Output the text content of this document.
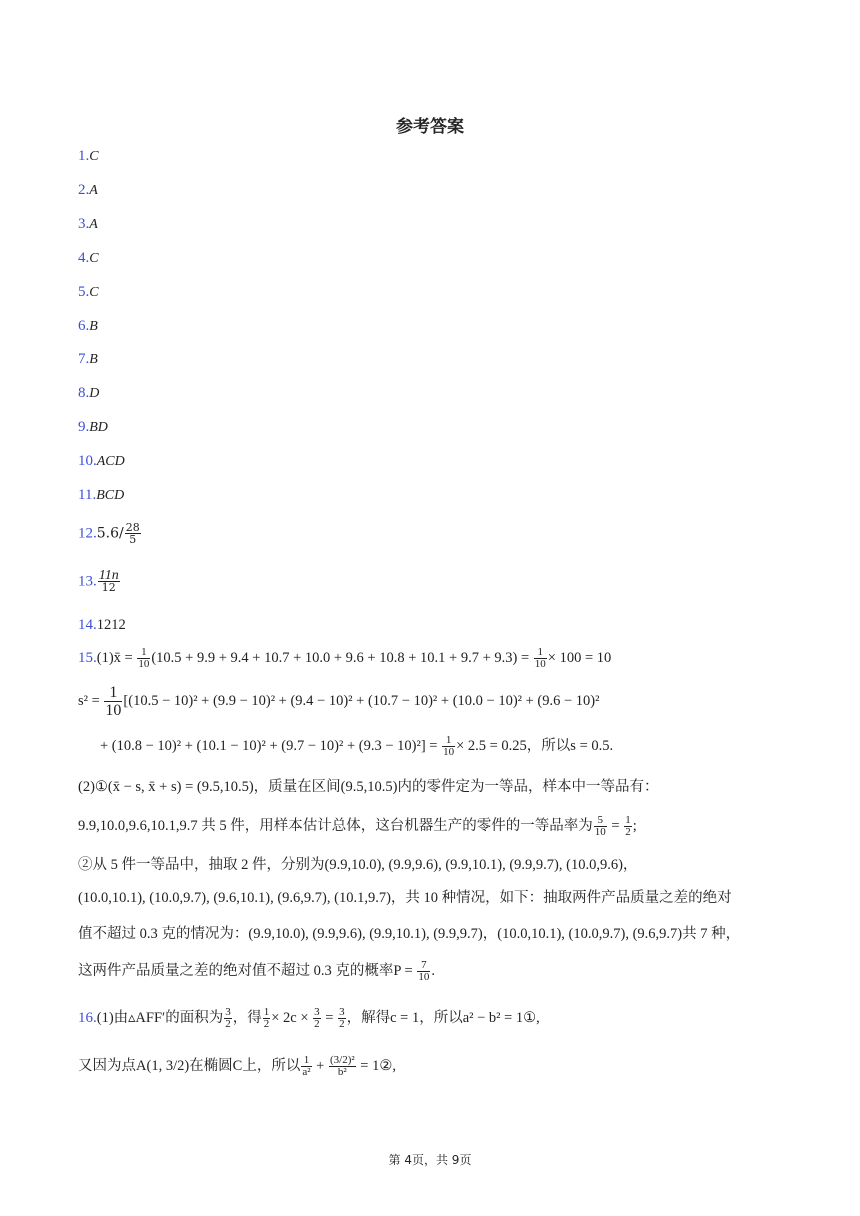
参考答案
1.C
2.A
3.A
4.C
5.C
6.B
7.B
8.D
9.BD
10.ACD
11.BCD
$12.5.6/ \frac{28}{5}$
13. $\frac{11n}{12}$
14.1212
15.(1)x̄ = $\frac{1}{10} (10.5 + 9.9 + 9.4 + 10.7 + 10.0 + 9.6 + 10.8 + 10.1 + 9.7 + 9.3) = \frac{1}{10} \times 100 = 10$
$s^2 = \frac{1}{10} [(10.5 - 10)^2 + (9.9 - 10)^2 + (9.4 - 10)^2 + (10.7 - 10)^2 + (10.0 - 10)^2 + (9.6 - 10)^2$
+ $(10.8 - 10)^2 + (10.1 - 10)^2 + (9.7 - 10)^2 + (9.3 - 10)^2] = \frac{1}{10} \times 2.5 = 0.25$，所以s = 0.5.
(2)①(x̄ − s, x̄ + s) = (9.5,10.5)，质量在区间(9.5,10.5)内的零件定为一等品，样本中一等品有：
9.9,10.0,9.6,10.1,9.7 共 5 件，用样本估计总体，这台机器生产的零件的一等品率为 $\frac{5}{10} = \frac{1}{2}$ ;
②从 5 件一等品中，抽取 2 件，分别为(9.9,10.0), (9.9,9.6), (9.9,10.1), (9.9,9.7), (10.0,9.6)，
(10.0,10.1), (10.0,9.7), (9.6,10.1), (9.6,9.7), (10.1,9.7)，共 10 种情况，如下：抽取两件产品质量之差的绝对
值不超过 0.3 克的情况为：(9.9,10.0), (9.9,9.6), (9.9,10.1), (9.9,9.7)，(10.0,10.1), (10.0,9.7), (9.6,9.7)共 7 种，
这两件产品质量之差的绝对值不超过 0.3 克的概率$P = \frac{7}{10}$ .
16.(1)由▵AFF′的面积为 $\frac{3}{2}$ ，得 $\frac{1}{2} \times 2c \times \frac{3}{2} = \frac{3}{2}$ ，解得c = 1，所以a² − b² = 1①,
又因为点A(1, 3/2)在椭圆C上，所以 $\frac{1}{\text{a²}} + \frac{\text{(3/2)²}}{\text{b²}}$ = 1②,
第 4页，共 9页
